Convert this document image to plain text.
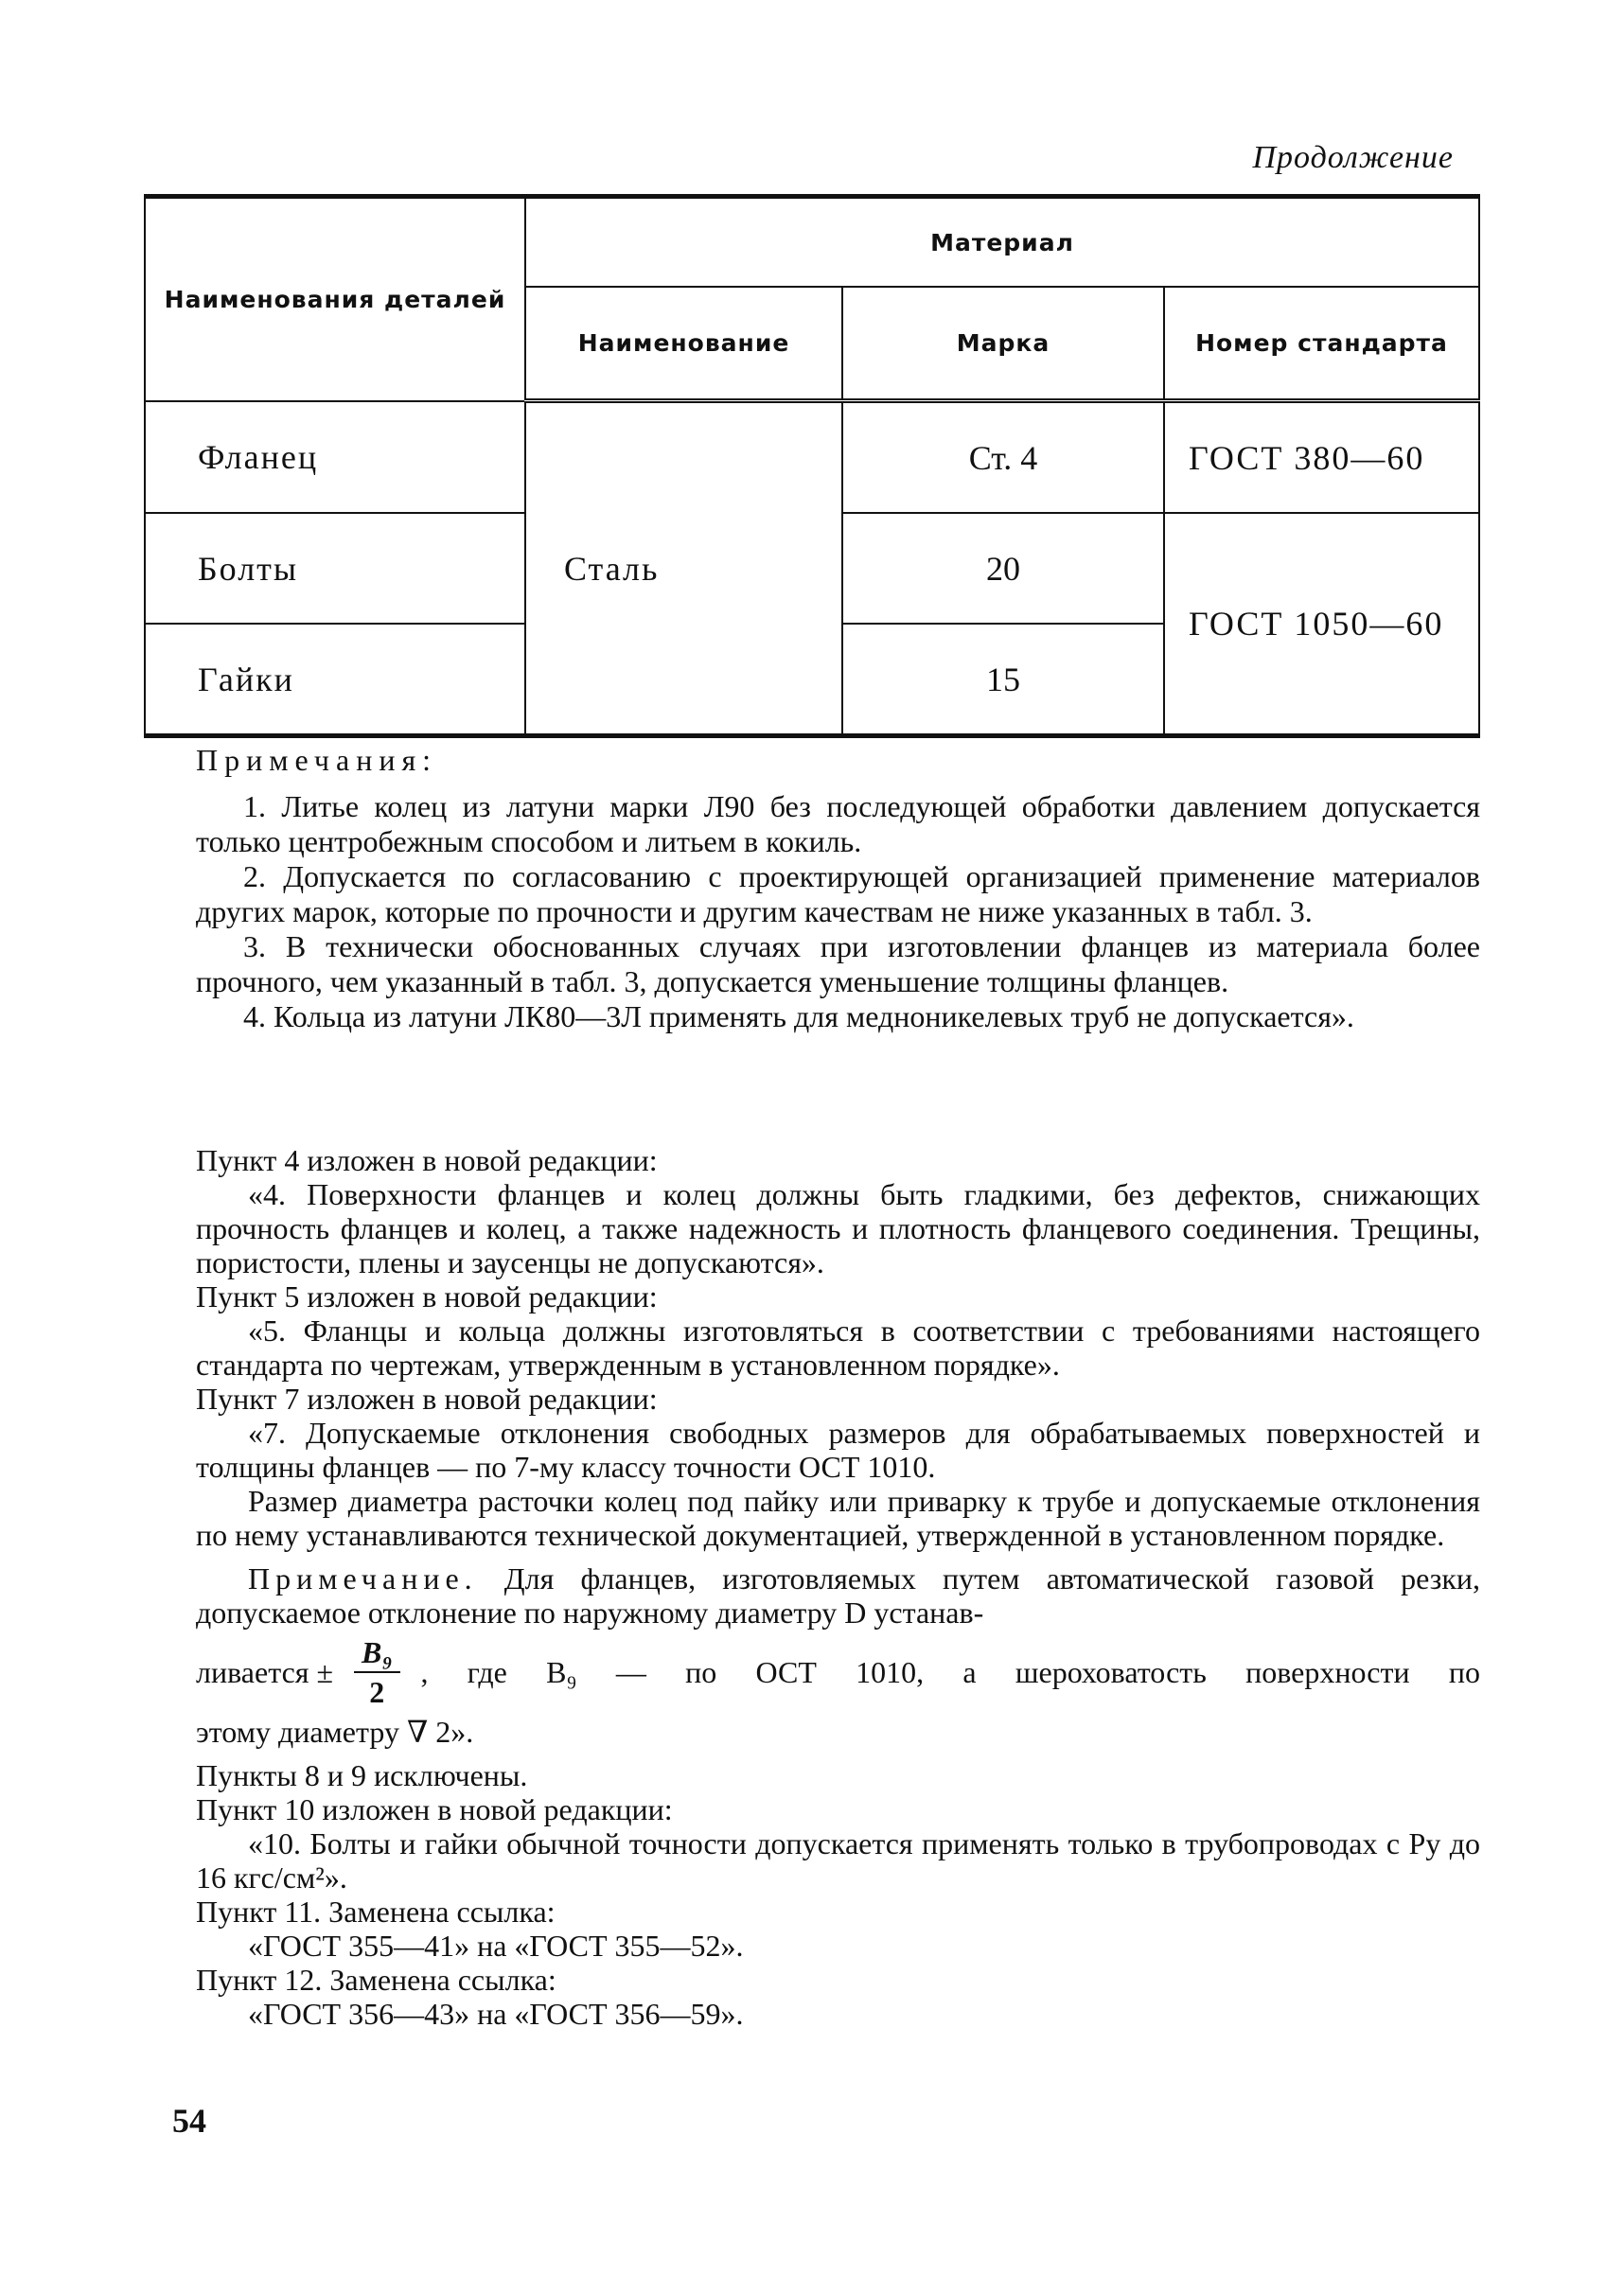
Продолжение
Наименования деталей	Материал		
	Наименование	Марка	Номер стандарта
Фланец	Сталь	Ст. 4	ГОСТ 380—60
Болты		20	ГОСТ 1050—60
Гайки		15	

Примечания:

1. Литье колец из латуни марки Л90 без последующей обработки давлением допускается только центробежным способом и литьем в кокиль.

2. Допускается по согласованию с проектирующей организацией применение материалов других марок, которые по прочности и другим качествам не ниже указанных в табл. 3.

3. В технически обоснованных случаях при изготовлении фланцев из материала более прочного, чем указанный в табл. 3, допускается уменьшение толщины фланцев.

4. Кольца из латуни ЛК80—3Л применять для медноникелевых труб не допускается».

Пункт 4 изложен в новой редакции:

«4. Поверхности фланцев и колец должны быть гладкими, без дефектов, снижающих прочность фланцев и колец, а также надежность и плотность фланцевого соединения. Трещины, пористости, плены и заусенцы не допускаются».

Пункт 5 изложен в новой редакции:

«5. Фланцы и кольца должны изготовляться в соответствии с требованиями настоящего стандарта по чертежам, утвержденным в установленном порядке».

Пункт 7 изложен в новой редакции:

«7. Допускаемые отклонения свободных размеров для обрабатываемых поверхностей и толщины фланцев — по 7-му классу точности ОСТ 1010.

Размер диаметра расточки колец под пайку или приварку к трубе и допускаемые отклонения по нему устанавливаются технической документацией, утвержденной в установленном порядке.

Примечание. Для фланцев, изготовляемых путем автоматической газовой резки, допускаемое отклонение по наружному диаметру D устанав-

ливается ± $\frac{\text{B₉}}{2}$ , где B₉ — по ОСТ 1010, а шероховатость поверхности по

этому диаметру ∇ 2».

Пункты 8 и 9 исключены.

Пункт 10 изложен в новой редакции:

«10. Болты и гайки обычной точности допускается применять только в трубопроводах с Pу до 16 кгс/см²».

Пункт 11. Заменена ссылка:

«ГОСТ 355—41» на «ГОСТ 355—52».

Пункт 12. Заменена ссылка:

«ГОСТ 356—43» на «ГОСТ 356—59».

54
